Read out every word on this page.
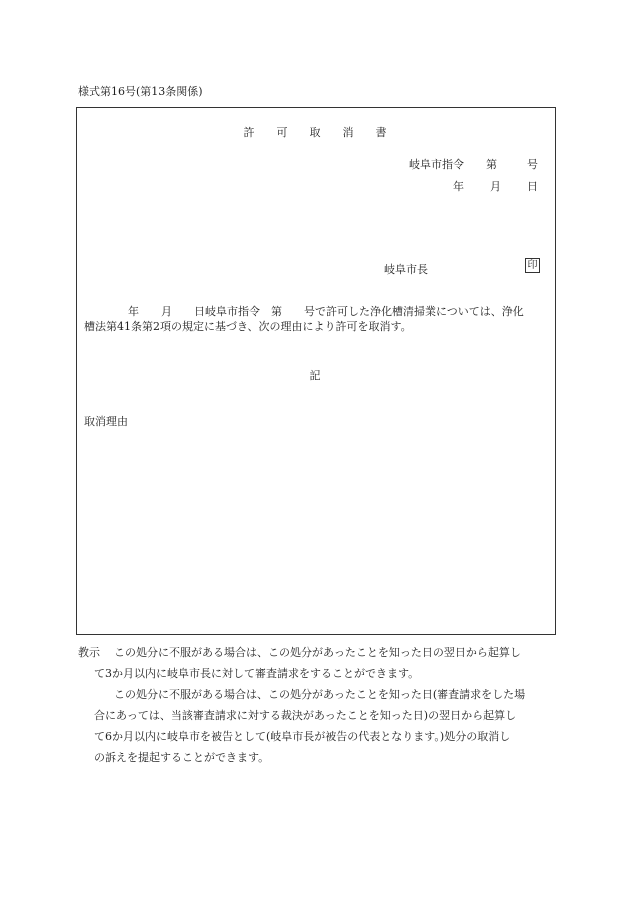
様式第16号(第13条関係)
許 可 取 消 書
岐阜市指令 第	号
年 月 日
岐阜市長	印
年　　月　　日岐阜市指令　第　　号で許可した浄化槽清掃業については、浄化
槽法第41条第2項の規定に基づき、次の理由により許可を取消す。
記
取消理由
教示 この処分に不服がある場合は、この処分があったことを知った日の翌日から起算し
て3か月以内に岐阜市長に対して審査請求をすることができます。
この処分に不服がある場合は、この処分があったことを知った日(審査請求をした場
合にあっては、当該審査請求に対する裁決があったことを知った日)の翌日から起算し
て6か月以内に岐阜市を被告として(岐阜市長が被告の代表となります。)処分の取消し
の訴えを提起することができます。
